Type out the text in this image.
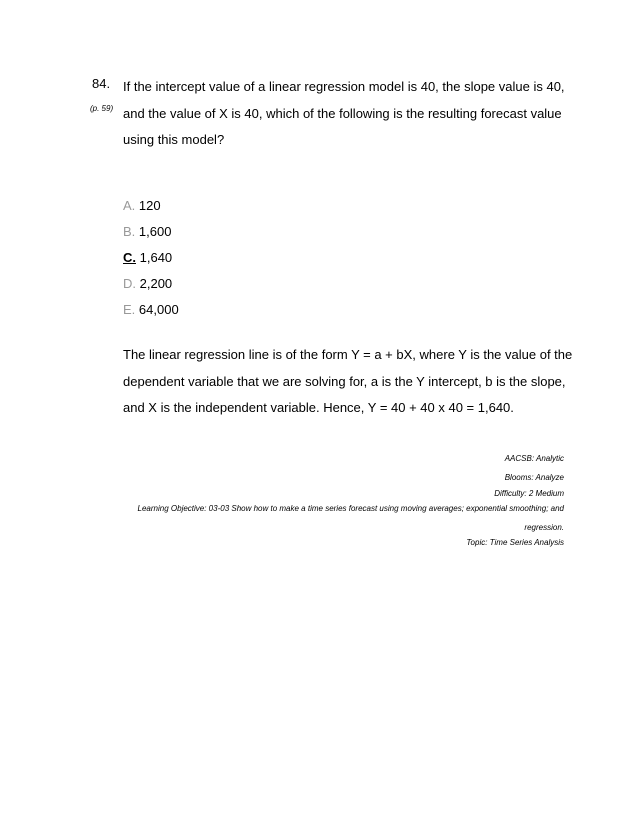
84.
(p. 59)

If the intercept value of a linear regression model is 40, the slope value is 40, and the value of X is 40, which of the following is the resulting forecast value using this model?

A. 120
B. 1,600
C. 1,640
D. 2,200
E. 64,000

The linear regression line is of the form Y = a + bX, where Y is the value of the dependent variable that we are solving for, a is the Y intercept, b is the slope, and X is the independent variable. Hence, Y = 40 + 40 x 40 = 1,640.

AACSB: Analytic
Blooms: Analyze
Difficulty: 2 Medium
Learning Objective: 03-03 Show how to make a time series forecast using moving averages; exponential smoothing; and regression.
Topic: Time Series Analysis
